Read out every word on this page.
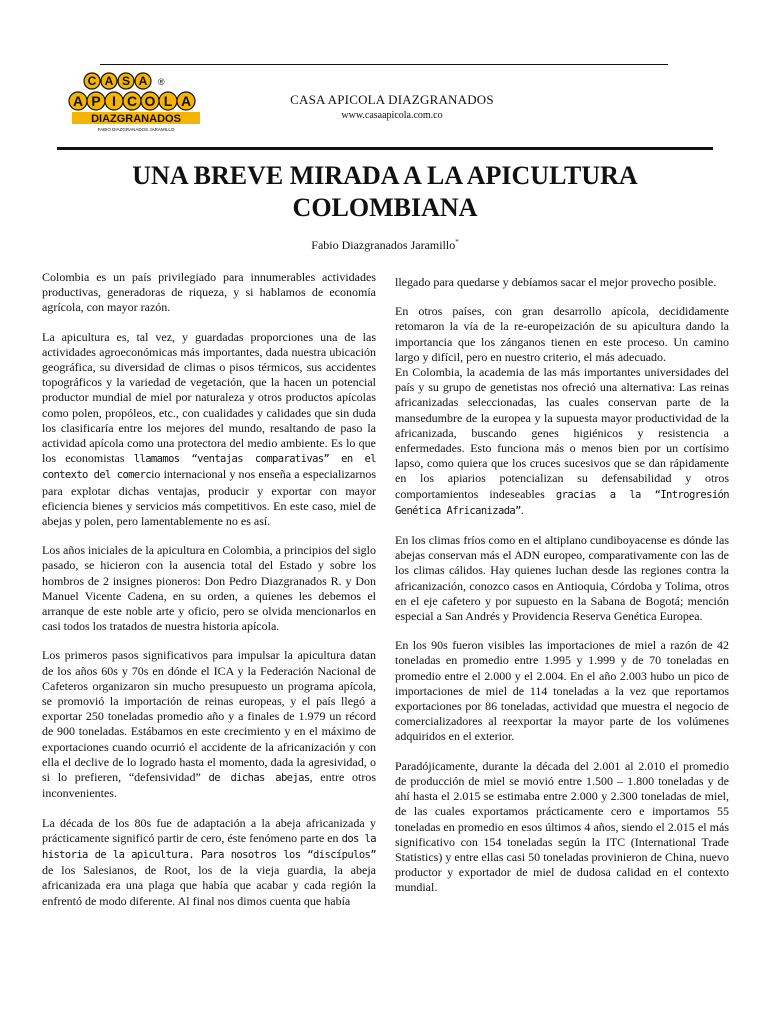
C A S A
A P I C O L A
®
DIAZGRANADOS
FABIO DIAZGRANADOS JARAMILLO
CASA APICOLA DIAZGRANADOS
www.casaapicola.com.co
UNA BREVE MIRADA A LA APICULTURA
COLOMBIANA
Fabio Diazgranados Jaramillo*

Colombia es un país privilegiado para innumerables actividades productivas, generadoras de riqueza, y si hablamos de economía agrícola, con mayor razón.

La apicultura es, tal vez, y guardadas proporciones una de las actividades agroeconómicas más importantes, dada nuestra ubicación geográfica, su diversidad de climas o pisos térmicos, sus accidentes topográficos y la variedad de vegetación, que la hacen un potencial productor mundial de miel por naturaleza y otros productos apícolas como polen, propóleos, etc., con cualidades y calidades que sin duda los clasificaría entre los mejores del mundo, resaltando de paso la actividad apícola como una protectora del medio ambiente. Es lo que los economistas llamamos “ventajas comparativas” en el contexto del comercio internacional y nos enseña a especializarnos para explotar dichas ventajas, producir y exportar con mayor eficiencia bienes y servicios más competitivos. En este caso, miel de abejas y polen, pero lamentablemente no es así.

Los años iniciales de la apicultura en Colombia, a principios del siglo pasado, se hicieron con la ausencia total del Estado y sobre los hombros de 2 insignes pioneros: Don Pedro Diazgranados R. y Don Manuel Vicente Cadena, en su orden, a quienes les debemos el arranque de este noble arte y oficio, pero se olvida mencionarlos en casi todos los tratados de nuestra historia apícola.

Los primeros pasos significativos para impulsar la apicultura datan de los años 60s y 70s en dónde el ICA y la Federación Nacional de Cafeteros organizaron sin mucho presupuesto un programa apícola, se promovió la importación de reinas europeas, y el país llegó a exportar 250 toneladas promedio año y a finales de 1.979 un récord de 900 toneladas. Estábamos en este crecimiento y en el máximo de exportaciones cuando ocurrió el accidente de la africanización y con ella el declive de lo logrado hasta el momento, dada la agresividad, o si lo prefieren, “defensividad” de dichas abejas, entre otros inconvenientes.

La década de los 80s fue de adaptación a la abeja africanizada y prácticamente significó partir de cero, éste fenómeno parte en dos la historia de la apicultura. Para nosotros los “discípulos” de los Salesianos, de Root, los de la vieja guardia, la abeja africanizada era una plaga que había que acabar y cada región la enfrentó de modo diferente. Al final nos dimos cuenta que había

llegado para quedarse y debíamos sacar el mejor provecho posible.

En otros países, con gran desarrollo apícola, decididamente retomaron la vía de la re-europeización de su apicultura dando la importancia que los zánganos tienen en este proceso. Un camino largo y difícil, pero en nuestro criterio, el más adecuado.

En Colombia, la academia de las más importantes universidades del país y su grupo de genetistas nos ofreció una alternativa: Las reinas africanizadas seleccionadas, las cuales conservan parte de la mansedumbre de la europea y la supuesta mayor productividad de la africanizada, buscando genes higiénicos y resistencia a enfermedades. Esto funciona más o menos bien por un cortísimo lapso, como quiera que los cruces sucesivos que se dan rápidamente en los apiarios potencializan su defensabilidad y otros comportamientos indeseables gracias a la “Introgresión Genética Africanizada”.

En los climas fríos como en el altiplano cundiboyacense es dónde las abejas conservan más el ADN europeo, comparativamente con las de los climas cálidos. Hay quienes luchan desde las regiones contra la africanización, conozco casos en Antioquia, Córdoba y Tolima, otros en el eje cafetero y por supuesto en la Sabana de Bogotá; mención especial a San Andrés y Providencia Reserva Genética Europea.

En los 90s fueron visibles las importaciones de miel a razón de 42 toneladas en promedio entre 1.995 y 1.999 y de 70 toneladas en promedio entre el 2.000 y el 2.004. En el año 2.003 hubo un pico de importaciones de miel de 114 toneladas a la vez que reportamos exportaciones por 86 toneladas, actividad que muestra el negocio de comercializadores al reexportar la mayor parte de los volúmenes adquiridos en el exterior.

Paradójicamente, durante la década del 2.001 al 2.010 el promedio de producción de miel se movió entre 1.500 – 1.800 toneladas y de ahí hasta el 2.015 se estimaba entre 2.000 y 2.300 toneladas de miel, de las cuales exportamos prácticamente cero e importamos 55 toneladas en promedio en esos últimos 4 años, siendo el 2.015 el más significativo con 154 toneladas según la ITC (International Trade Statistics) y entre ellas casi 50 toneladas provinieron de China, nuevo productor y exportador de miel de dudosa calidad en el contexto mundial.
